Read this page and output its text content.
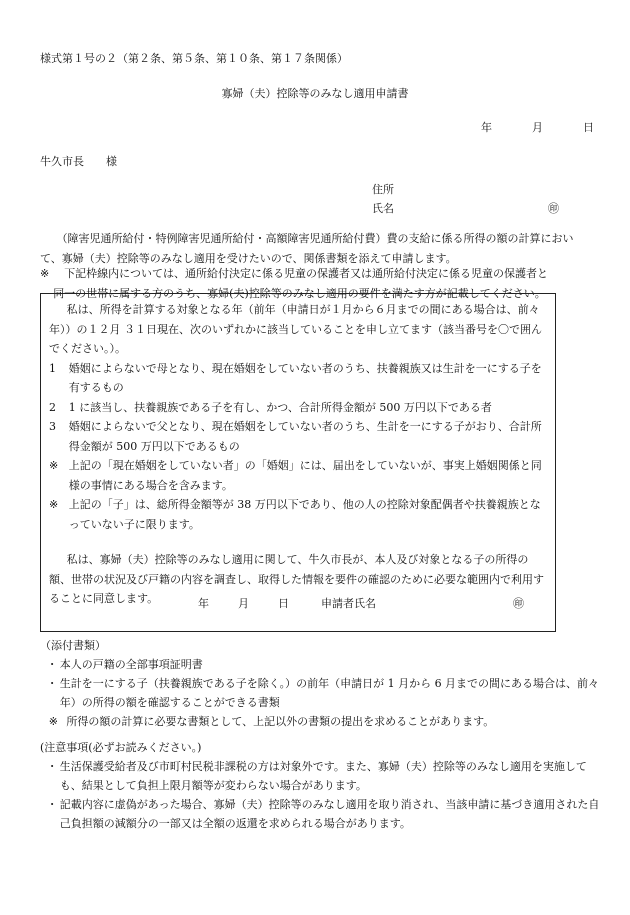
様式第１号の２（第２条、第５条、第１０条、第１７条関係）
寡婦（夫）控除等のみなし適用申請書
年	月	日
牛久市長　　様
住所
氏名	㊞
（障害児通所給付・特例障害児通所給付・高額障害児通所給付費）費の支給に係る所得の額の計算において、寡婦（夫）控除等のみなし適用を受けたいので、関係書類を添えて申請します。
※ 下記枠線内については、通所給付決定に係る児童の保護者又は通所給付決定に係る児童の保護者と
同一の世帯に属する方のうち、寡婦(夫)控除等のみなし適用の要件を満たす方が記載してください。
私は、所得を計算する対象となる年（前年（申請日が１月から６月までの間にある場合は、前々年））の１２月 ３１日現在、次のいずれかに該当していることを申し立てます（該当番号を〇で囲んでください。）。
1 婚姻によらないで母となり、現在婚姻をしていない者のうち、扶養親族又は生計を一にする子を有するもの
2 1 に該当し、扶養親族である子を有し、かつ、合計所得金額が 500 万円以下である者
3 婚姻によらないで父となり、現在婚姻をしていない者のうち、生計を一にする子がおり、合計所得金額が 500 万円以下であるもの
※ 上記の「現在婚姻をしていない者」の「婚姻」には、届出をしていないが、事実上婚姻関係と同様の事情にある場合を含みます。
※ 上記の「子」は、総所得金額等が 38 万円以下であり、他の人の控除対象配偶者や扶養親族となっていない子に限ります。
私は、寡婦（夫）控除等のみなし適用に関して、牛久市長が、本人及び対象となる子の所得の額、世帯の状況及び戸籍の内容を調査し、取得した情報を要件の確認のために必要な範囲内で利用することに同意します。	年	月	日	申請者氏名	㊞
（添付書類）
・ 本人の戸籍の全部事項証明書
・ 生計を一にする子（扶養親族である子を除く。）の前年（申請日が 1 月から 6 月までの間にある場合は、前々年）の所得の額を確認することができる書類
※ 所得の額の計算に必要な書類として、上記以外の書類の提出を求めることがあります。
(注意事項(必ずお読みください。)
・ 生活保護受給者及び市町村民税非課税の方は対象外です。また、寡婦（夫）控除等のみなし適用を実施しても、結果として負担上限月額等が変わらない場合があります。
・ 記載内容に虚偽があった場合、寡婦（夫）控除等のみなし適用を取り消され、当該申請に基づき適用された自己負担額の減額分の一部又は全額の返還を求められる場合があります。
